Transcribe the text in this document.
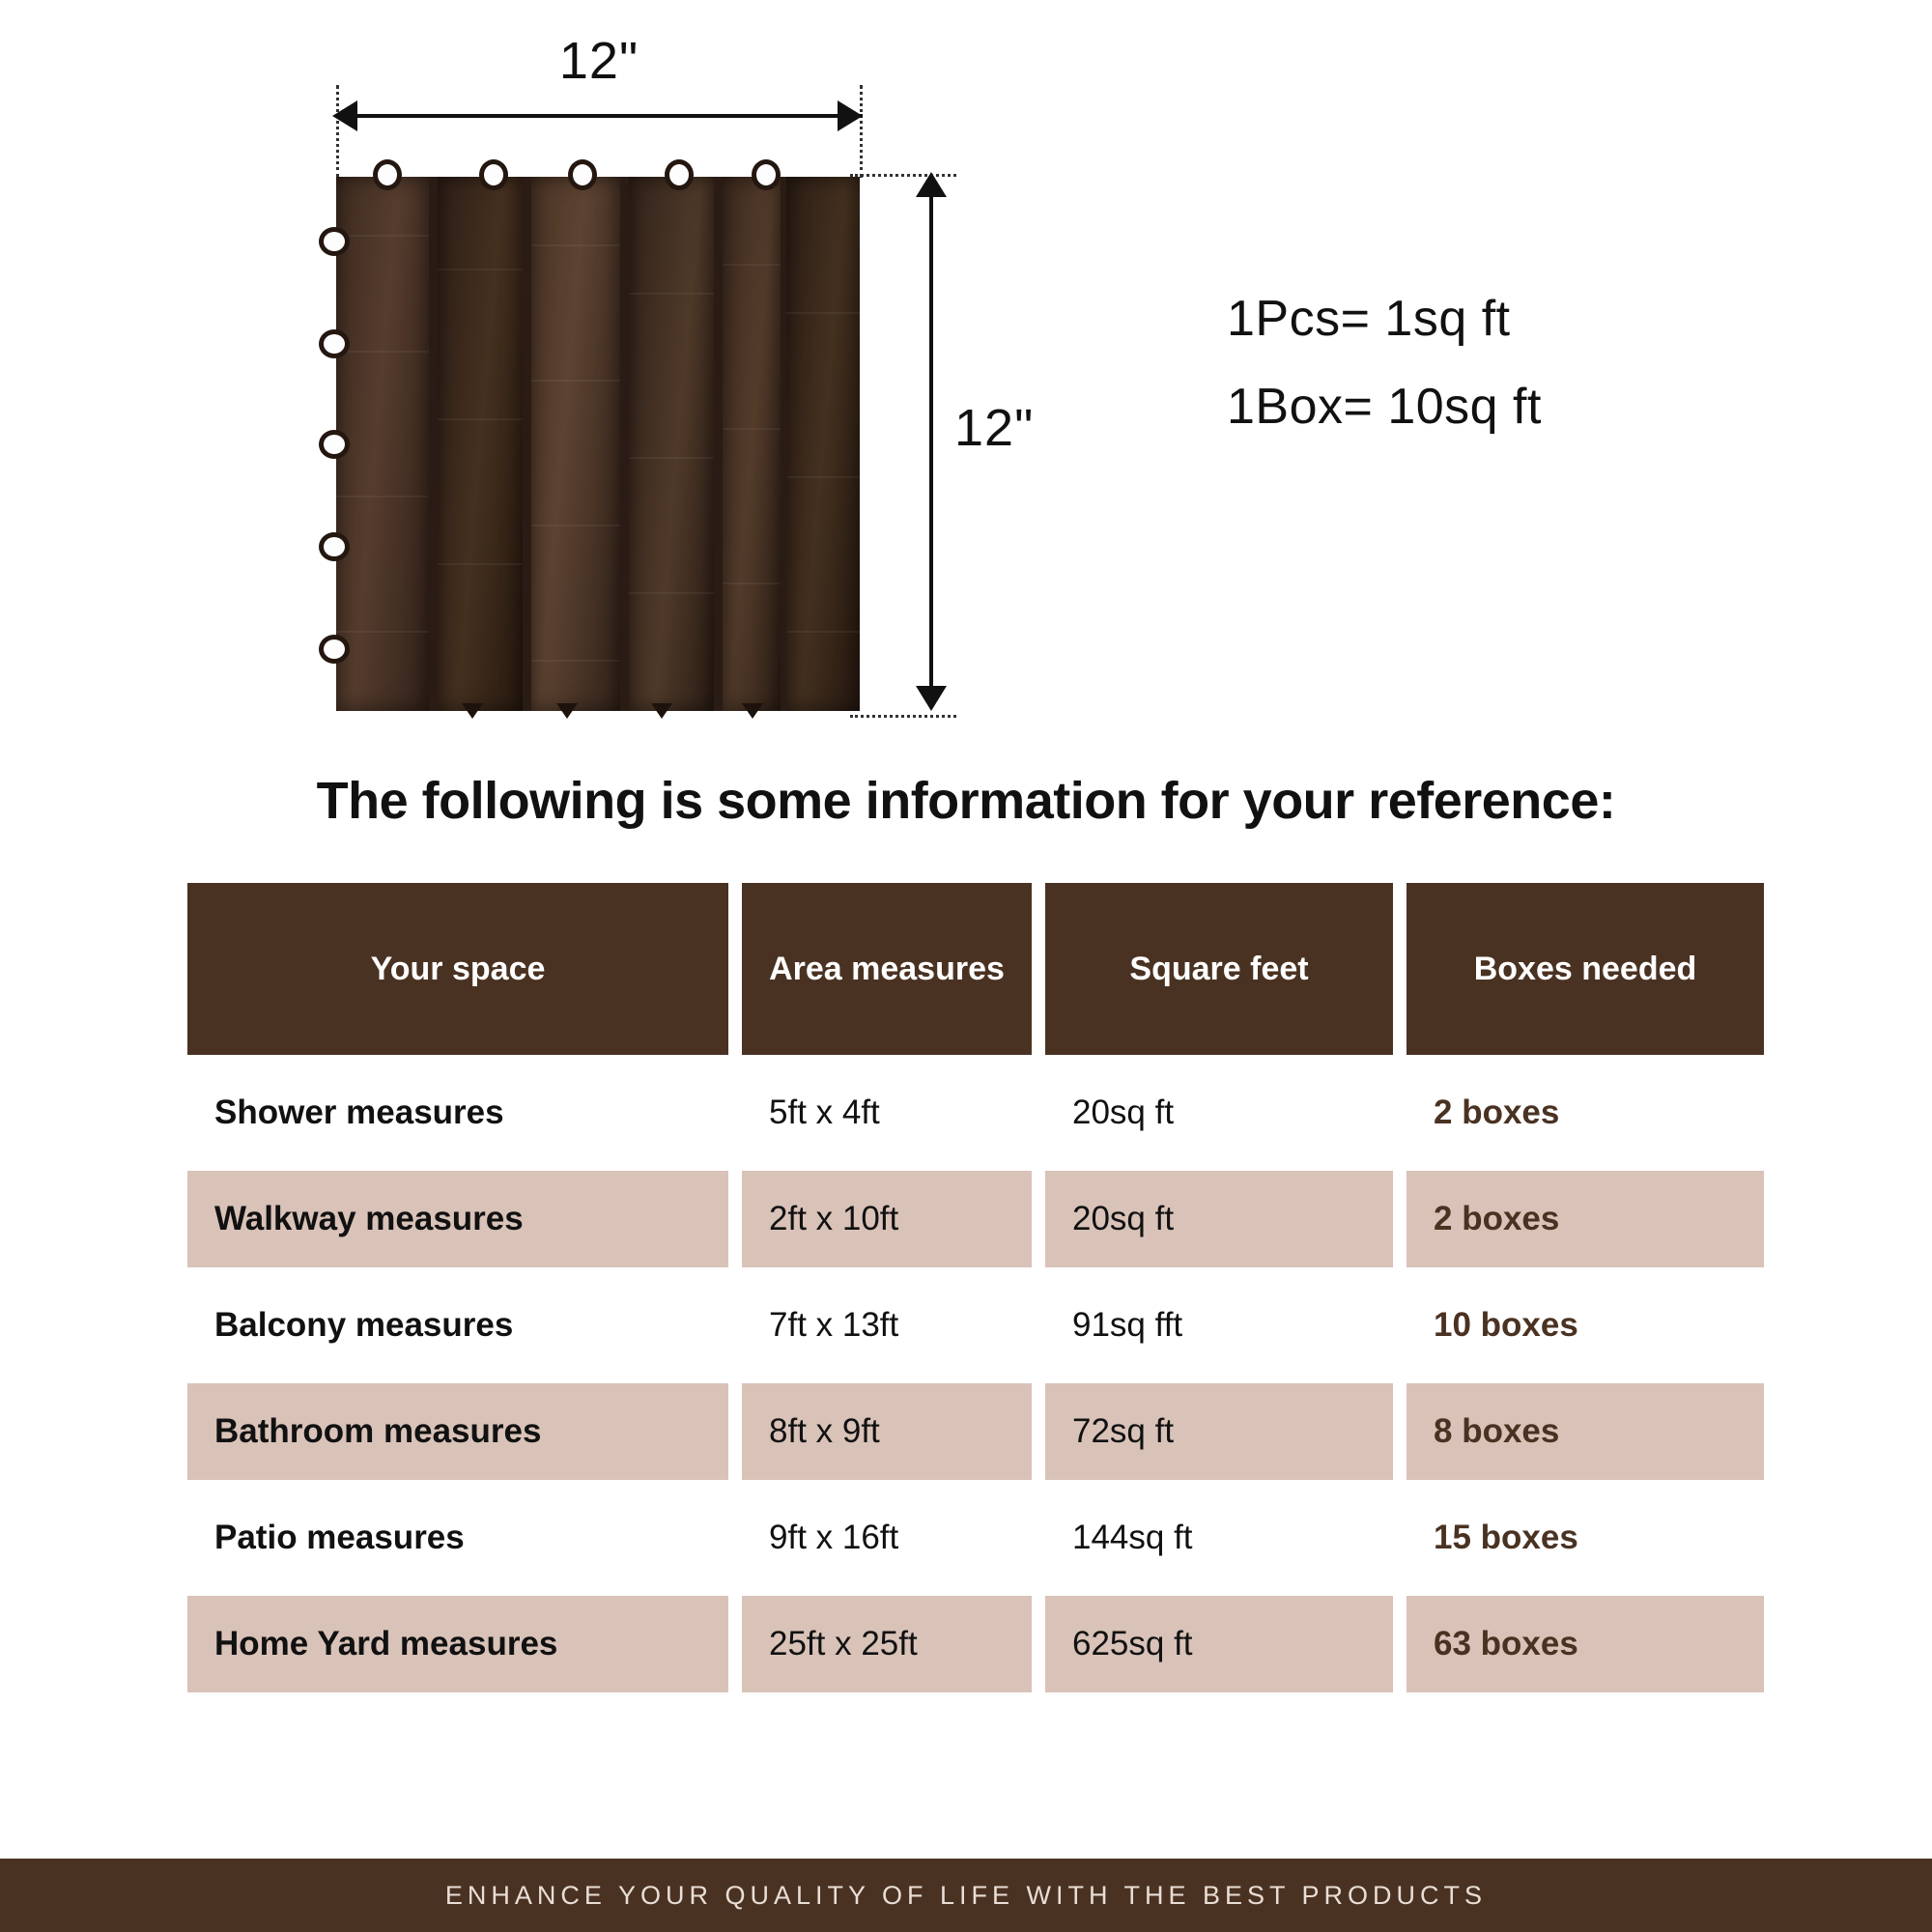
12"
12"
1Pcs= 1sq ft
1Box= 10sq ft
The following is some information for your reference:
Your space	Area measures	Square feet	Boxes needed
Shower measures	5ft x 4ft	20sq ft	2 boxes
Walkway measures	2ft x 10ft	20sq ft	2 boxes
Balcony measures	7ft x 13ft	91sq fft	10 boxes
Bathroom measures	8ft x 9ft	72sq ft	8 boxes
Patio measures	9ft x 16ft	144sq ft	15 boxes
Home Yard measures	25ft x 25ft	625sq ft	63 boxes
ENHANCE YOUR QUALITY OF LIFE WITH THE BEST PRODUCTS
